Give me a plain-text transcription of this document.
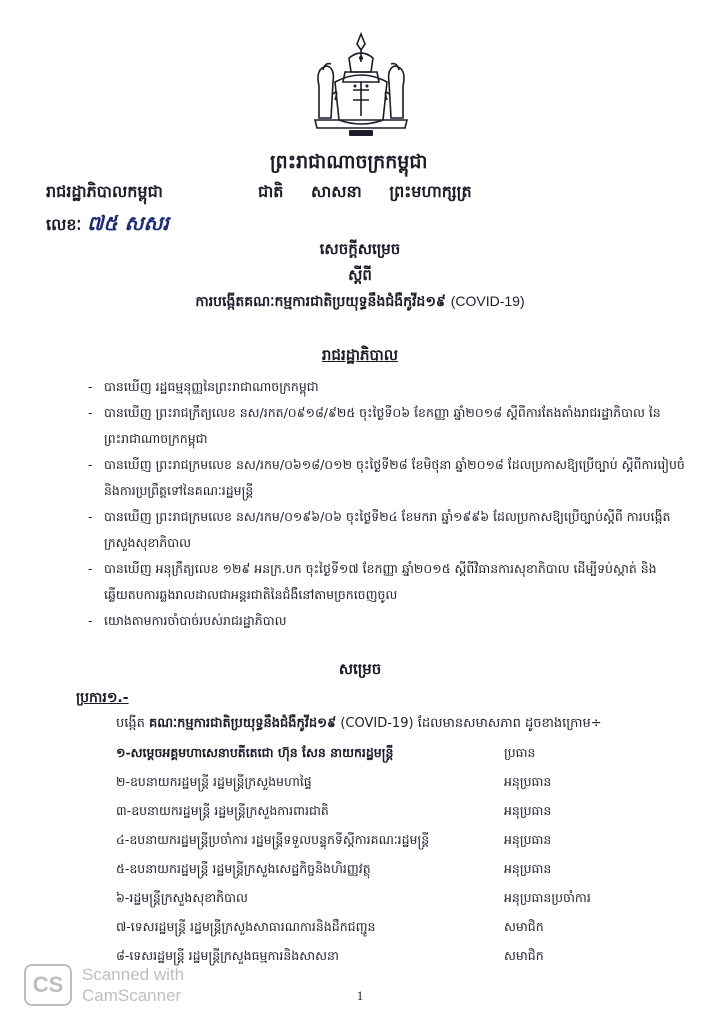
ព្រះរាជាណាចក្រកម្ពុជា
ជាតិ សាសនា ព្រះមហាក្សត្រ
រាជរដ្ឋាភិបាលកម្ពុជា
លេខៈ ៧៥ សសរ
សេចក្តីសម្រេច
ស្តីពី
ការបង្កើតគណៈកម្មការជាតិប្រយុទ្ធនឹងជំងឺកូវីដ១៩ (COVID-19)
រាជរដ្ឋាភិបាល
- បានឃើញ រដ្ឋធម្មនុញ្ញនៃព្រះរាជាណាចក្រកម្ពុជា
- បានឃើញ ព្រះរាជក្រឹត្យលេខ នស/រកត/០៩១៨/៩២៥ ចុះថ្ងៃទី០៦ ខែកញ្ញា ឆ្នាំ២០១៨ ស្តីពីការតែងតាំងរាជរដ្ឋាភិបាល នៃព្រះរាជាណាចក្រកម្ពុជា
- បានឃើញ ព្រះរាជក្រមលេខ នស/រកម/០៦១៨/០១២ ចុះថ្ងៃទី២៨ ខែមិថុនា ឆ្នាំ២០១៨ ដែលប្រកាសឱ្យប្រើច្បាប់ ស្តីពីការរៀបចំនិងការប្រព្រឹត្តទៅនៃគណៈរដ្ឋមន្ត្រី
- បានឃើញ ព្រះរាជក្រមលេខ នស/រកម/០១៩៦/០៦ ចុះថ្ងៃទី២៤ ខែមករា ឆ្នាំ១៩៩៦ ដែលប្រកាសឱ្យប្រើច្បាប់ស្តីពី ការបង្កើតក្រសួងសុខាភិបាល
- បានឃើញ អនុក្រឹត្យលេខ ១២៩ អនក្រ.បក ចុះថ្ងៃទី១៧ ខែកញ្ញា ឆ្នាំ២០១៥ ស្តីពីវិធានការសុខាភិបាល ដើម្បីទប់ស្កាត់ និងឆ្លើយតបការឆ្លងរាលដាលជាអន្តរជាតិនៃជំងឺនៅតាមច្រកចេញចូល
- យោងតាមការចាំបាច់របស់រាជរដ្ឋាភិបាល
សម្រេច
ប្រការ១.-
បង្កើត គណៈកម្មការជាតិប្រយុទ្ធនឹងជំងឺកូវីដ១៩ (COVID-19) ដែលមានសមាសភាព ដូចខាងក្រោម÷
១-សម្តេចអគ្គមហាសេនាបតីតេជោ ហ៊ុន សែន នាយករដ្ឋមន្ត្រី	ប្រធាន
២-ឧបនាយករដ្ឋមន្ត្រី រដ្ឋមន្ត្រីក្រសួងមហាផ្ទៃ	អនុប្រធាន
៣-ឧបនាយករដ្ឋមន្ត្រី រដ្ឋមន្ត្រីក្រសួងការពារជាតិ	អនុប្រធាន
៤-ឧបនាយករដ្ឋមន្ត្រីប្រចាំការ រដ្ឋមន្ត្រីទទួលបន្ទុកទីស្តីការគណៈរដ្ឋមន្ត្រី	អនុប្រធាន
៥-ឧបនាយករដ្ឋមន្ត្រី រដ្ឋមន្ត្រីក្រសួងសេដ្ឋកិច្ចនិងហិរញ្ញវត្ថុ	អនុប្រធាន
៦-រដ្ឋមន្ត្រីក្រសួងសុខាភិបាល	អនុប្រធានប្រចាំការ
៧-ទេសរដ្ឋមន្ត្រី រដ្ឋមន្ត្រីក្រសួងសាធារណការនិងដឹកជញ្ជូន	សមាជិក
៨-ទេសរដ្ឋមន្ត្រី រដ្ឋមន្ត្រីក្រសួងធម្មការនិងសាសនា	សមាជិក
CS	Scanned with
CamScanner	1
